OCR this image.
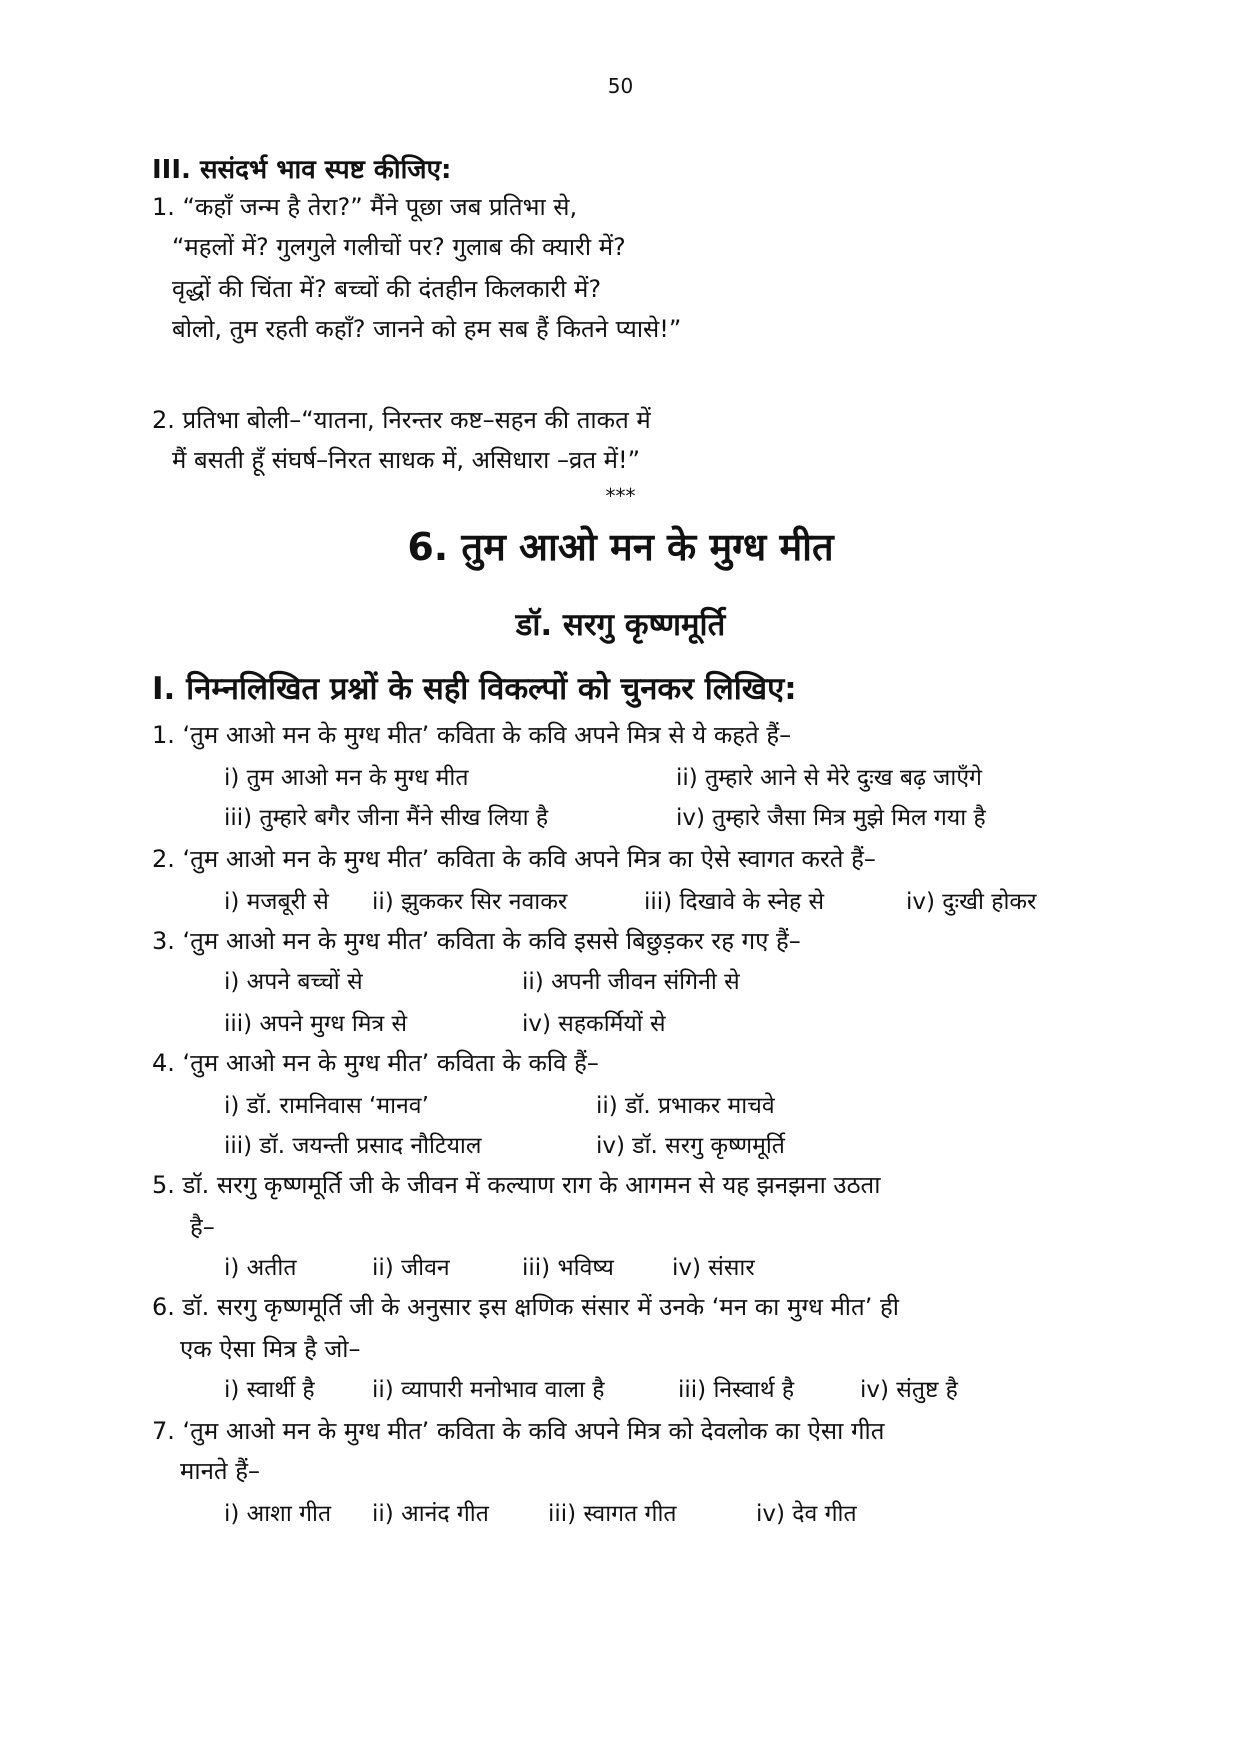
50
III. ससंदर्भ भाव स्पष्ट कीजिए:
1. “कहाँ जन्म है तेरा?” मैंने पूछा जब प्रतिभा से,
“महलों में? गुलगुले गलीचों पर? गुलाब की क्यारी में?
वृद्धों की चिंता में? बच्चों की दंतहीन किलकारी में?
बोलो, तुम रहती कहाँ? जानने को हम सब हैं कितने प्यासे!”
2. प्रतिभा बोली–“यातना, निरन्तर कष्ट–सहन की ताकत में
मैं बसती हूँ संघर्ष–निरत साधक में, असिधारा –व्रत में!”
***
6. तुम आओ मन के मुग्ध मीत
डॉ. सरगु कृष्णमूर्ति
I. निम्नलिखित प्रश्नों के सही विकल्पों को चुनकर लिखिए:
1. ‘तुम आओ मन के मुग्ध मीत’ कविता के कवि अपने मित्र से ये कहते हैं–
i) तुम आओ मन के मुग्ध मीत	ii) तुम्हारे आने से मेरे दुःख बढ़ जाएँगे
iii) तुम्हारे बगैर जीना मैंने सीख लिया है	iv) तुम्हारे जैसा मित्र मुझे मिल गया है
2. ‘तुम आओ मन के मुग्ध मीत’ कविता के कवि अपने मित्र का ऐसे स्वागत करते हैं–
i) मजबूरी से ii) झुककर सिर नवाकर	iii) दिखावे के स्नेह से	iv) दुःखी होकर
3. ‘तुम आओ मन के मुग्ध मीत’ कविता के कवि इससे बिछुड़कर रह गए हैं–
i) अपने बच्चों से	ii) अपनी जीवन संगिनी से
iii) अपने मुग्ध मित्र से	iv) सहकर्मियों से
4. ‘तुम आओ मन के मुग्ध मीत’ कविता के कवि हैं–
i) डॉ. रामनिवास ‘मानव’	ii) डॉ. प्रभाकर माचवे
iii) डॉ. जयन्ती प्रसाद नौटियाल	iv) डॉ. सरगु कृष्णमूर्ति
5. डॉ. सरगु कृष्णमूर्ति जी के जीवन में कल्याण राग के आगमन से यह झनझना उठता
है–
i) अतीत	ii) जीवन	iii) भविष्य	iv) संसार
6. डॉ. सरगु कृष्णमूर्ति जी के अनुसार इस क्षणिक संसार में उनके ‘मन का मुग्ध मीत’ ही
एक ऐसा मित्र है जो–
i) स्वार्थी है ii) व्यापारी मनोभाव वाला है	iii) निस्वार्थ है	iv) संतुष्ट है
7. ‘तुम आओ मन के मुग्ध मीत’ कविता के कवि अपने मित्र को देवलोक का ऐसा गीत
मानते हैं–
i) आशा गीत ii) आनंद गीत	iii) स्वागत गीत	iv) देव गीत
